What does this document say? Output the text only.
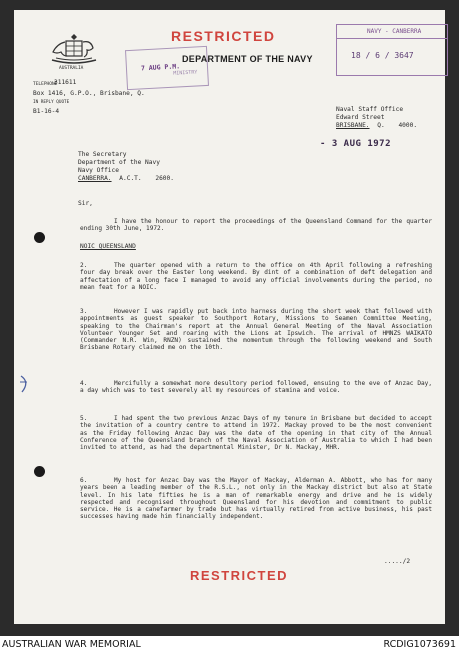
AUSTRALIA
RESTRICTED
DEPARTMENT OF THE NAVY
7 AUG P.M.
MINISTRY
NAVY - CANBERRA
18 / 6 / 3647
TELEPHONE
311611
Box 1416, G.P.O., Brisbane, Q.
IN REPLY QUOTE
B1-16-4	Naval Staff Office
Edward Street
BRISBANE. Q. 4000.
- 3 AUG 1972
The Secretary
Department of the Navy
Navy Office
CANBERRA. A.C.T. 2600.
Sir,
I have the honour to report the proceedings of the Queensland Command for the quarter ending 30th June, 1972.
NOIC QUEENSLAND
2.	The quarter opened with a return to the office on 4th April following a refreshing four day break over the Easter long weekend. By dint of a combination of deft delegation and affectation of a long face I managed to avoid any official involvements during the period, no mean feat for a NOIC.
3.	However I was rapidly put back into harness during the short week that followed with appointments as guest speaker to Southport Rotary, Missions to Seamen Committee Meeting, speaking to the Chairman's report at the Annual General Meeting of the Naval Association Volunteer Younger Set and roaring with the Lions at Ipswich. The arrival of HMNZS WAIKATO (Commander N.R. Win, RNZN) sustained the momentum through the following weekend and South Brisbane Rotary claimed me on the 10th.
4.	Mercifully a somewhat more desultory period followed, ensuing to the eve of Anzac Day, a day which was to test severely all my resources of stamina and voice.
5.	I had spent the two previous Anzac Days of my tenure in Brisbane but decided to accept the invitation of a country centre to attend in 1972. Mackay proved to be the most convenient as the Friday following Anzac Day was the date of the opening in that city of the Annual Conference of the Queensland branch of the Naval Association of Australia to which I had been invited to attend, as had the departmental Minister, Dr N. Mackay, MHR.
6.	My host for Anzac Day was the Mayor of Mackay, Alderman A. Abbott, who has for many years been a leading member of the R.S.L., not only in the Mackay district but also at State level. In his late fifties he is a man of remarkable energy and drive and he is widely respected and recognised throughout Queensland for his devotion and commitment to public service. He is a canefarmer by trade but has virtually retired from active business, his past successes having made him financially independent.
...../2
RESTRICTED
AUSTRALIAN WAR MEMORIAL	RCDIG1073691
